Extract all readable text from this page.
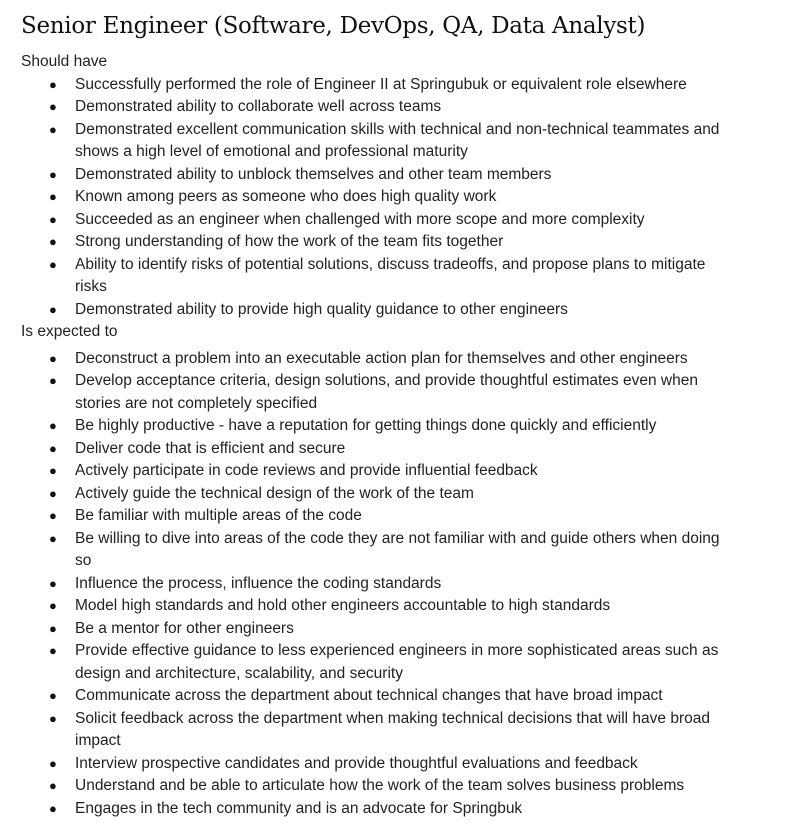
Senior Engineer (Software, DevOps, QA, Data Analyst)

Should have

● Successfully performed the role of Engineer II at Springubuk or equivalent role elsewhere
● Demonstrated ability to collaborate well across teams
● Demonstrated excellent communication skills with technical and non-technical teammates and shows a high level of emotional and professional maturity
● Demonstrated ability to unblock themselves and other team members
● Known among peers as someone who does high quality work
● Succeeded as an engineer when challenged with more scope and more complexity
● Strong understanding of how the work of the team fits together
● Ability to identify risks of potential solutions, discuss tradeoffs, and propose plans to mitigate risks
● Demonstrated ability to provide high quality guidance to other engineers

Is expected to

● Deconstruct a problem into an executable action plan for themselves and other engineers
● Develop acceptance criteria, design solutions, and provide thoughtful estimates even when stories are not completely specified
● Be highly productive - have a reputation for getting things done quickly and efficiently
● Deliver code that is efficient and secure
● Actively participate in code reviews and provide influential feedback
● Actively guide the technical design of the work of the team
● Be familiar with multiple areas of the code
● Be willing to dive into areas of the code they are not familiar with and guide others when doing so
● Influence the process, influence the coding standards
● Model high standards and hold other engineers accountable to high standards
● Be a mentor for other engineers
● Provide effective guidance to less experienced engineers in more sophisticated areas such as design and architecture, scalability, and security
● Communicate across the department about technical changes that have broad impact
● Solicit feedback across the department when making technical decisions that will have broad impact
● Interview prospective candidates and provide thoughtful evaluations and feedback
● Understand and be able to articulate how the work of the team solves business problems
● Engages in the tech community and is an advocate for Springbuk
